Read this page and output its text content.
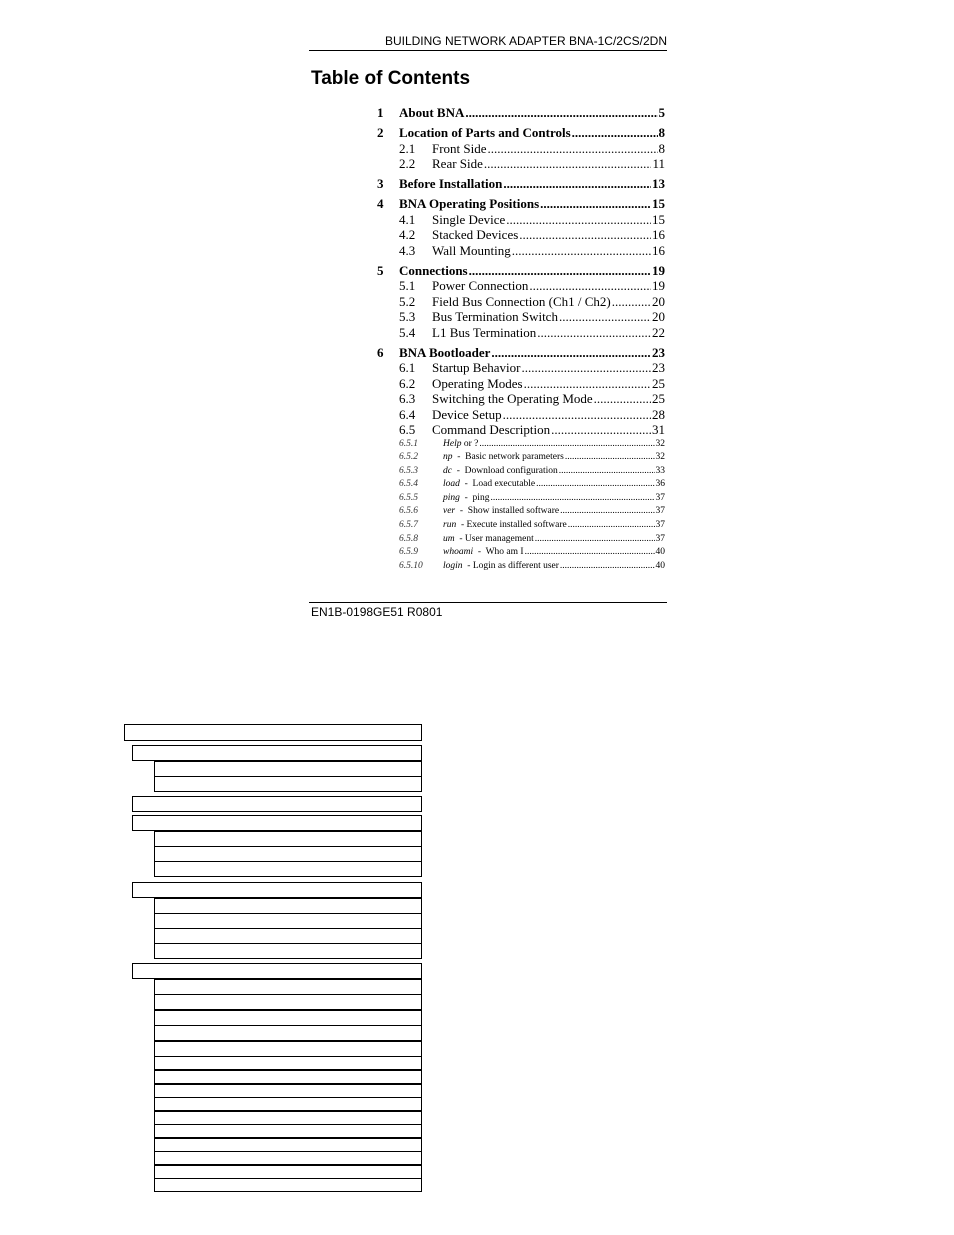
BUILDING NETWORK ADAPTER BNA-1C/2CS/2DN
Table of Contents
1	About BNA .....	5
2	Location of Parts and Controls .....	8
2.1	Front Side .....	8
2.2	Rear Side .....	11
3	Before Installation .....	13
4	BNA Operating Positions .....	15
4.1	Single Device .....	15
4.2	Stacked Devices .....	16
4.3	Wall Mounting .....	16
5	Connections .....	19
5.1	Power Connection .....	19
5.2	Field Bus Connection (Ch1 / Ch2) .....	20
5.3	Bus Termination Switch .....	20
5.4	L1 Bus Termination .....	22
6	BNA Bootloader .....	23
6.1	Startup Behavior .....	23
6.2	Operating Modes .....	25
6.3	Switching the Operating Mode .....	25
6.4	Device Setup .....	28
6.5	Command Description .....	31
6.5.1	Help or ? .....	32
6.5.2	np  -  Basic network parameters .....	32
6.5.3	dc  -  Download configuration .....	33
6.5.4	load  -  Load executable .....	36
6.5.5	ping  -  ping .....	37
6.5.6	ver  -  Show installed software .....	37
6.5.7	run  - Execute installed software .....	37
6.5.8	um  - User management .....	37
6.5.9	whoami  -  Who am I .....	40
6.5.10	login  - Login as different user .....	40
EN1B-0198GE51 R0801
